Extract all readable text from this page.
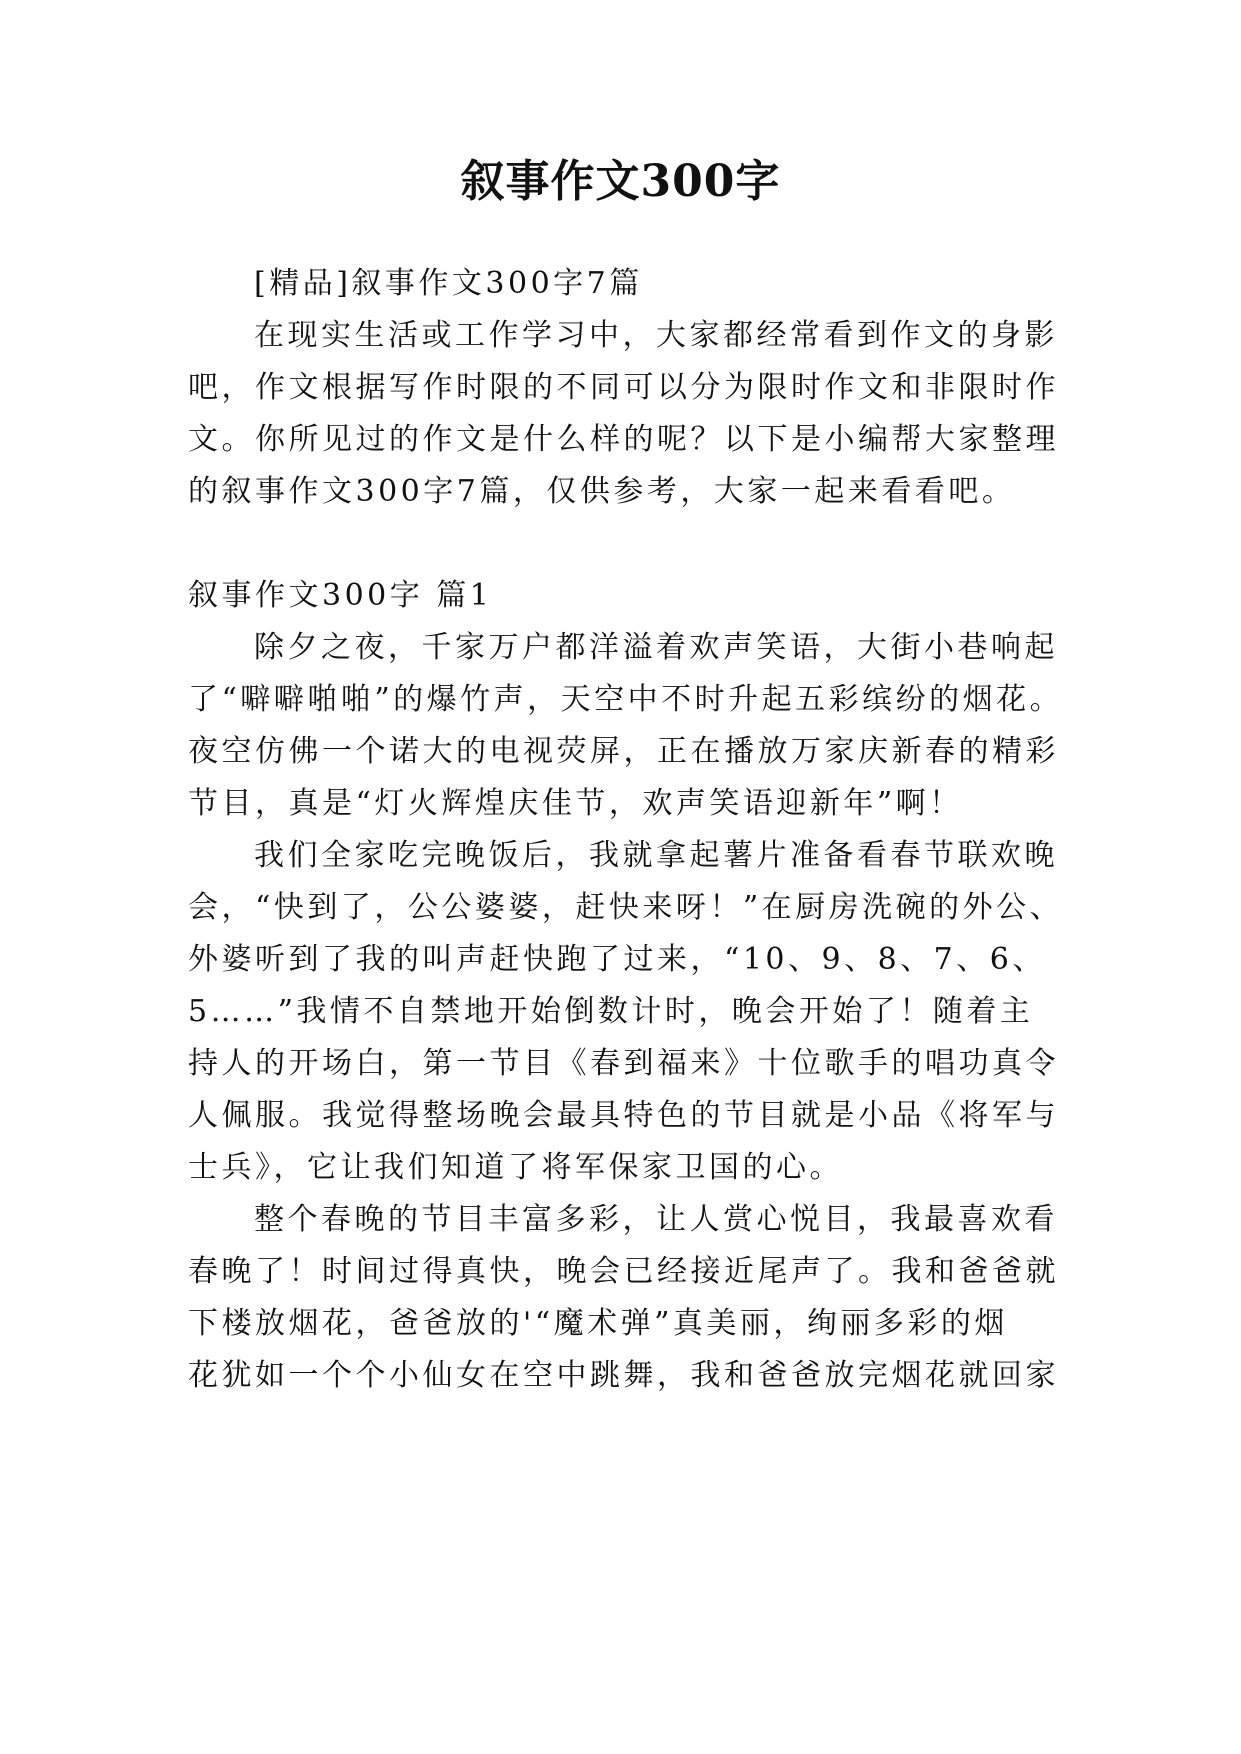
叙事作文300字
[精品]叙事作文300字7篇
在现实生活或工作学习中，大家都经常看到作文的身影
吧，作文根据写作时限的不同可以分为限时作文和非限时作
文。你所见过的作文是什么样的呢？以下是小编帮大家整理
的叙事作文300字7篇，仅供参考，大家一起来看看吧。
叙事作文300字 篇1
除夕之夜，千家万户都洋溢着欢声笑语，大街小巷响起
了“噼噼啪啪”的爆竹声，天空中不时升起五彩缤纷的烟花。
夜空仿佛一个诺大的电视荧屏，正在播放万家庆新春的精彩
节目，真是“灯火辉煌庆佳节，欢声笑语迎新年”啊！
我们全家吃完晚饭后，我就拿起薯片准备看春节联欢晚
会，“快到了，公公婆婆，赶快来呀！”在厨房洗碗的外公、
外婆听到了我的叫声赶快跑了过来，“10、9、8、7、6、
5……”我情不自禁地开始倒数计时，晚会开始了！随着主
持人的开场白，第一节目《春到福来》十位歌手的唱功真令
人佩服。我觉得整场晚会最具特色的节目就是小品《将军与
士兵》，它让我们知道了将军保家卫国的心。
整个春晚的节目丰富多彩，让人赏心悦目，我最喜欢看
春晚了！时间过得真快，晚会已经接近尾声了。我和爸爸就
下楼放烟花，爸爸放的'“魔术弹”真美丽，绚丽多彩的烟
花犹如一个个小仙女在空中跳舞，我和爸爸放完烟花就回家
